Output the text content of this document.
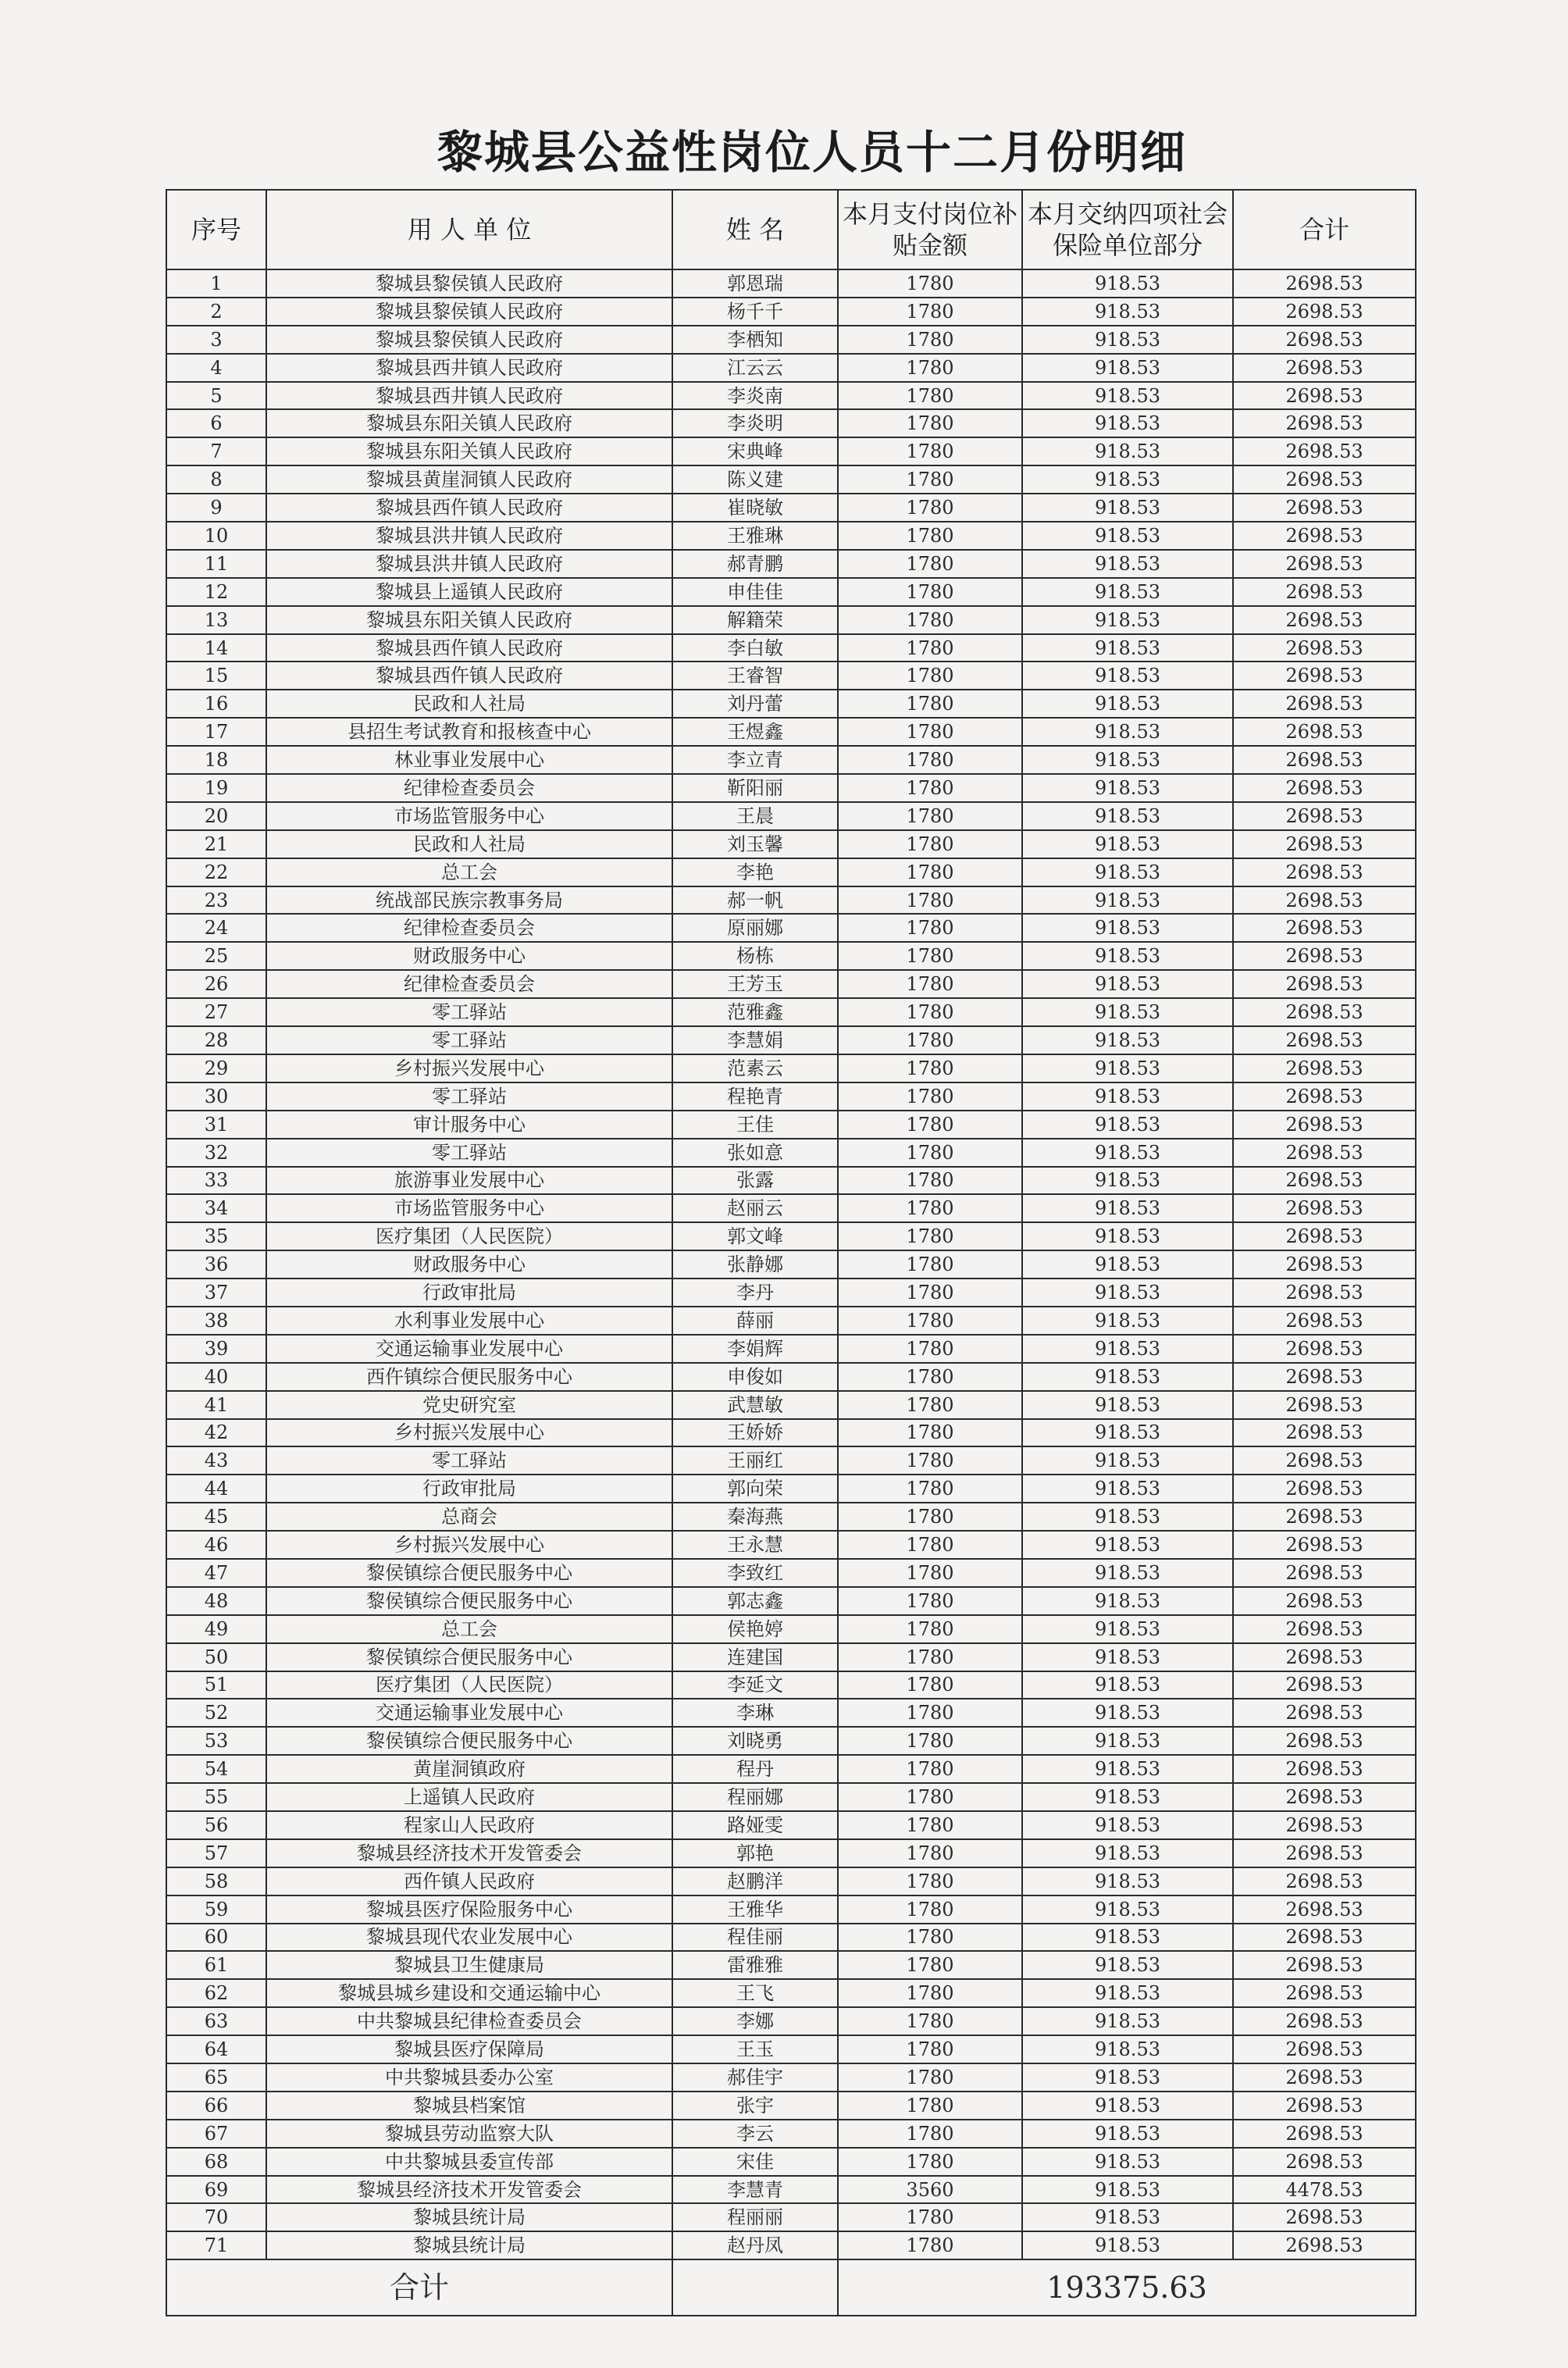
黎城县公益性岗位人员十二月份明细
序号	用 人 单 位	姓 名	本月支付岗位补贴金额	本月交纳四项社会保险单位部分	合计
1	黎城县黎侯镇人民政府	郭恩瑞	1780	918.53	2698.53
2	黎城县黎侯镇人民政府	杨千千	1780	918.53	2698.53
3	黎城县黎侯镇人民政府	李栖知	1780	918.53	2698.53
4	黎城县西井镇人民政府	江云云	1780	918.53	2698.53
5	黎城县西井镇人民政府	李炎南	1780	918.53	2698.53
6	黎城县东阳关镇人民政府	李炎明	1780	918.53	2698.53
7	黎城县东阳关镇人民政府	宋典峰	1780	918.53	2698.53
8	黎城县黄崖洞镇人民政府	陈义建	1780	918.53	2698.53
9	黎城县西仵镇人民政府	崔晓敏	1780	918.53	2698.53
10	黎城县洪井镇人民政府	王雅琳	1780	918.53	2698.53
11	黎城县洪井镇人民政府	郝青鹏	1780	918.53	2698.53
12	黎城县上遥镇人民政府	申佳佳	1780	918.53	2698.53
13	黎城县东阳关镇人民政府	解籍荣	1780	918.53	2698.53
14	黎城县西仵镇人民政府	李白敏	1780	918.53	2698.53
15	黎城县西仵镇人民政府	王睿智	1780	918.53	2698.53
16	民政和人社局	刘丹蕾	1780	918.53	2698.53
17	县招生考试教育和报核查中心	王煜鑫	1780	918.53	2698.53
18	林业事业发展中心	李立青	1780	918.53	2698.53
19	纪律检查委员会	靳阳丽	1780	918.53	2698.53
20	市场监管服务中心	王晨	1780	918.53	2698.53
21	民政和人社局	刘玉馨	1780	918.53	2698.53
22	总工会	李艳	1780	918.53	2698.53
23	统战部民族宗教事务局	郝一帆	1780	918.53	2698.53
24	纪律检查委员会	原丽娜	1780	918.53	2698.53
25	财政服务中心	杨栋	1780	918.53	2698.53
26	纪律检查委员会	王芳玉	1780	918.53	2698.53
27	零工驿站	范雅鑫	1780	918.53	2698.53
28	零工驿站	李慧娟	1780	918.53	2698.53
29	乡村振兴发展中心	范素云	1780	918.53	2698.53
30	零工驿站	程艳青	1780	918.53	2698.53
31	审计服务中心	王佳	1780	918.53	2698.53
32	零工驿站	张如意	1780	918.53	2698.53
33	旅游事业发展中心	张露	1780	918.53	2698.53
34	市场监管服务中心	赵丽云	1780	918.53	2698.53
35	医疗集团（人民医院）	郭文峰	1780	918.53	2698.53
36	财政服务中心	张静娜	1780	918.53	2698.53
37	行政审批局	李丹	1780	918.53	2698.53
38	水利事业发展中心	薛丽	1780	918.53	2698.53
39	交通运输事业发展中心	李娟辉	1780	918.53	2698.53
40	西仵镇综合便民服务中心	申俊如	1780	918.53	2698.53
41	党史研究室	武慧敏	1780	918.53	2698.53
42	乡村振兴发展中心	王娇娇	1780	918.53	2698.53
43	零工驿站	王丽红	1780	918.53	2698.53
44	行政审批局	郭向荣	1780	918.53	2698.53
45	总商会	秦海燕	1780	918.53	2698.53
46	乡村振兴发展中心	王永慧	1780	918.53	2698.53
47	黎侯镇综合便民服务中心	李致红	1780	918.53	2698.53
48	黎侯镇综合便民服务中心	郭志鑫	1780	918.53	2698.53
49	总工会	侯艳婷	1780	918.53	2698.53
50	黎侯镇综合便民服务中心	连建国	1780	918.53	2698.53
51	医疗集团（人民医院）	李延文	1780	918.53	2698.53
52	交通运输事业发展中心	李琳	1780	918.53	2698.53
53	黎侯镇综合便民服务中心	刘晓勇	1780	918.53	2698.53
54	黄崖洞镇政府	程丹	1780	918.53	2698.53
55	上遥镇人民政府	程丽娜	1780	918.53	2698.53
56	程家山人民政府	路娅雯	1780	918.53	2698.53
57	黎城县经济技术开发管委会	郭艳	1780	918.53	2698.53
58	西仵镇人民政府	赵鹏洋	1780	918.53	2698.53
59	黎城县医疗保险服务中心	王雅华	1780	918.53	2698.53
60	黎城县现代农业发展中心	程佳丽	1780	918.53	2698.53
61	黎城县卫生健康局	雷雅雅	1780	918.53	2698.53
62	黎城县城乡建设和交通运输中心	王飞	1780	918.53	2698.53
63	中共黎城县纪律检查委员会	李娜	1780	918.53	2698.53
64	黎城县医疗保障局	王玉	1780	918.53	2698.53
65	中共黎城县委办公室	郝佳宇	1780	918.53	2698.53
66	黎城县档案馆	张宇	1780	918.53	2698.53
67	黎城县劳动监察大队	李云	1780	918.53	2698.53
68	中共黎城县委宣传部	宋佳	1780	918.53	2698.53
69	黎城县经济技术开发管委会	李慧青	3560	918.53	4478.53
70	黎城县统计局	程丽丽	1780	918.53	2698.53
71	黎城县统计局	赵丹凤	1780	918.53	2698.53
合计			193375.63		
